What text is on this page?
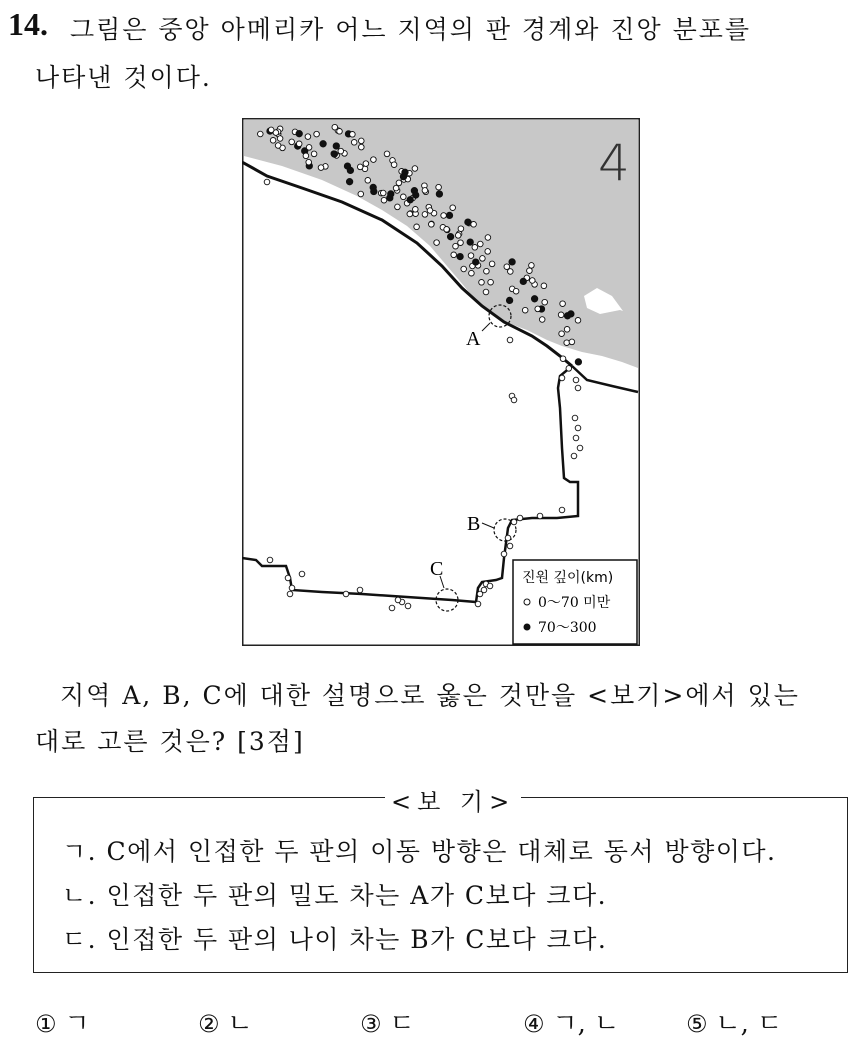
14. 그림은 중앙 아메리카 어느 지역의 판 경계와 진앙 분포를
나타낸 것이다.
A
B
C
4
진원 깊이(km)
0～70 미만
70～300
지역 A, B, C에 대한 설명으로 옳은 것만을 <보기>에서 있는
대로 고른 것은? [3점]
<보 기>
ㄱ. C에서 인접한 두 판의 이동 방향은 대체로 동서 방향이다.
ㄴ. 인접한 두 판의 밀도 차는 A가 C보다 크다.
ㄷ. 인접한 두 판의 나이 차는 B가 C보다 크다.
① ㄱ	② ㄴ	③ ㄷ	④ ㄱ, ㄴ	⑤ ㄴ, ㄷ
